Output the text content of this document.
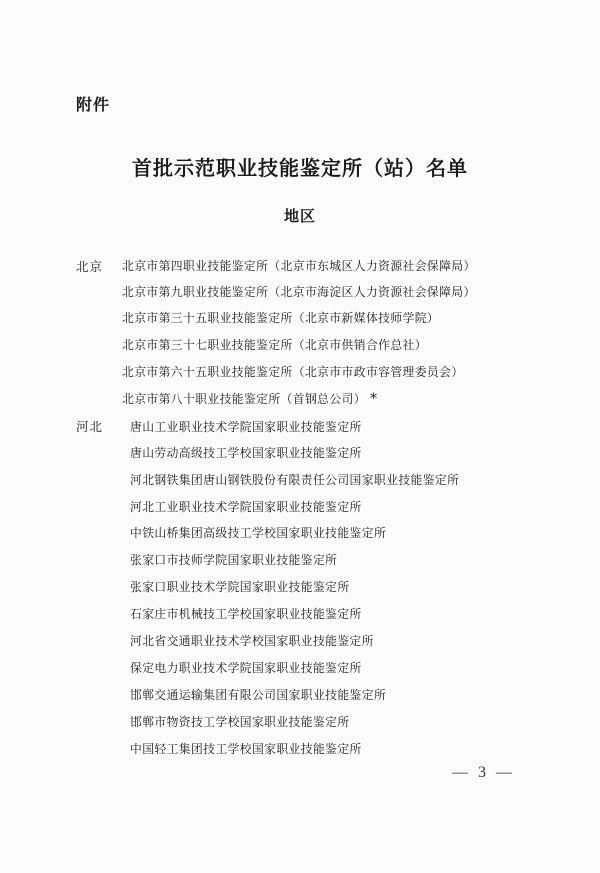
附件
首批示范职业技能鉴定所（站）名单
地区
北京 北京市第四职业技能鉴定所（北京市东城区人力资源社会保障局）
北京市第九职业技能鉴定所（北京市海淀区人力资源社会保障局）
北京市第三十五职业技能鉴定所（北京市新媒体技师学院）
北京市第三十七职业技能鉴定所（北京市供销合作总社）
北京市第六十五职业技能鉴定所（北京市市政市容管理委员会）
北京市第八十职业技能鉴定所（首钢总公司） *
河北 唐山工业职业技术学院国家职业技能鉴定所
唐山劳动高级技工学校国家职业技能鉴定所
河北钢铁集团唐山钢铁股份有限责任公司国家职业技能鉴定所
河北工业职业技术学院国家职业技能鉴定所
中铁山桥集团高级技工学校国家职业技能鉴定所
张家口市技师学院国家职业技能鉴定所
张家口职业技术学院国家职业技能鉴定所
石家庄市机械技工学校国家职业技能鉴定所
河北省交通职业技术学校国家职业技能鉴定所
保定电力职业技术学院国家职业技能鉴定所
邯郸交通运输集团有限公司国家职业技能鉴定所
邯郸市物资技工学校国家职业技能鉴定所
中国轻工集团技工学校国家职业技能鉴定所
— 3 —
